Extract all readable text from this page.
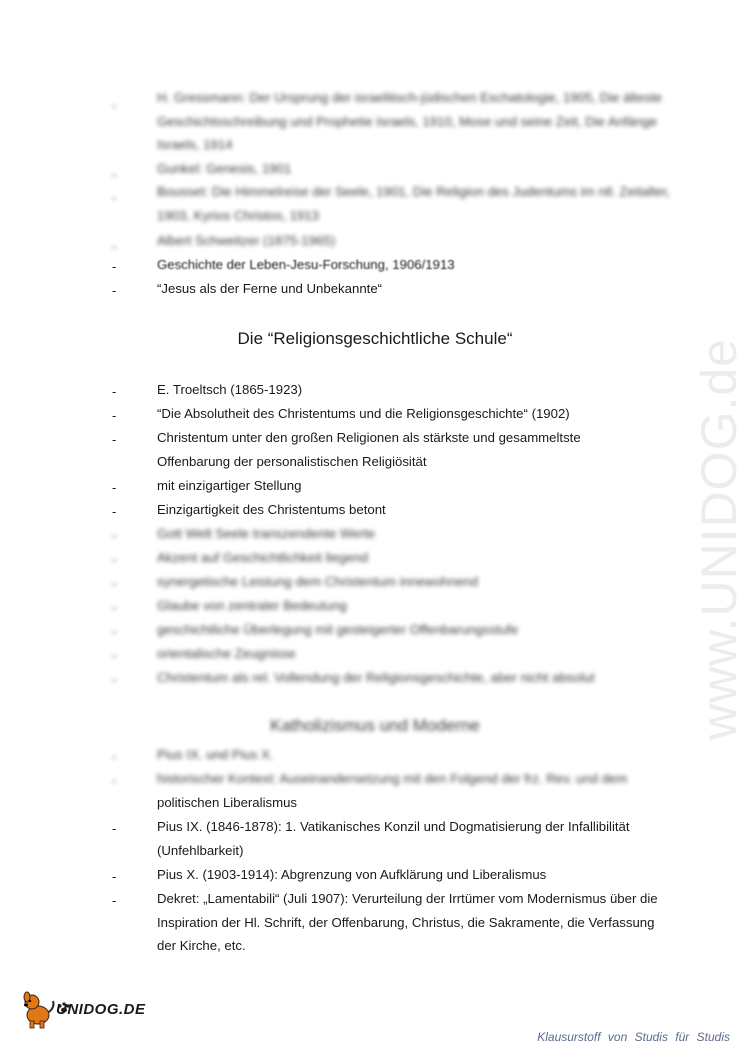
www.UNIDOG.de
-
H. Gressmann: Der Ursprung der israelitisch-jüdischen Eschatologie, 1905, Die älteste Geschichtsschreibung und Prophetie Israels, 1910, Mose und seine Zeit, Die Anfänge Israels, 1914
-	Gunkel: Genesis, 1901
-	Bousset: Die Himmelreise der Seele, 1901, Die Religion des Judentums im ntl. Zeitalter, 1903, Kyrios Christos, 1913
-	Albert Schweitzer (1875-1965)
-	Geschichte der Leben-Jesu-Forschung, 1906/1913
-	“Jesus als der Ferne und Unbekannte“
Die “Religionsgeschichtliche Schule“
-	E. Troeltsch (1865-1923)
-	“Die Absolutheit des Christentums und die Religionsgeschichte“ (1902)
-	Christentum unter den großen Religionen als stärkste und gesammeltste Offenbarung der personalistischen Religiösität
-	mit einzigartiger Stellung
-	Einzigartigkeit des Christentums betont
-	Gott Welt Seele transzendente Werte
-	Akzent auf Geschichtlichkeit liegend
-	synergetische Leistung dem Christentum innewohnend
-	Glaube von zentraler Bedeutung
-	geschichtliche Überlegung mit gesteigerter Offenbarungsstufe
-	orientalische Zeugnisse
-	Christentum als rel. Vollendung der Religionsgeschichte, aber nicht absolut
Katholizismus und Moderne
-	Pius IX. und Pius X.
-	historischer Kontext: Auseinandersetzung mit den Folgend der frz. Rev. und dem
politischen Liberalismus
-	Pius IX. (1846-1878): 1. Vatikanisches Konzil und Dogmatisierung der Infallibilität (Unfehlbarkeit)
-	Pius X. (1903-1914): Abgrenzung von Aufklärung und Liberalismus
-	Dekret: „Lamentabili“ (Juli 1907): Verurteilung der Irrtümer vom Modernismus über die Inspiration der Hl. Schrift, der Offenbarung, Christus, die Sakramente, die Verfassung der Kirche, etc.
UNIDOG.DE
Klausurstoff von Studis für Studis
